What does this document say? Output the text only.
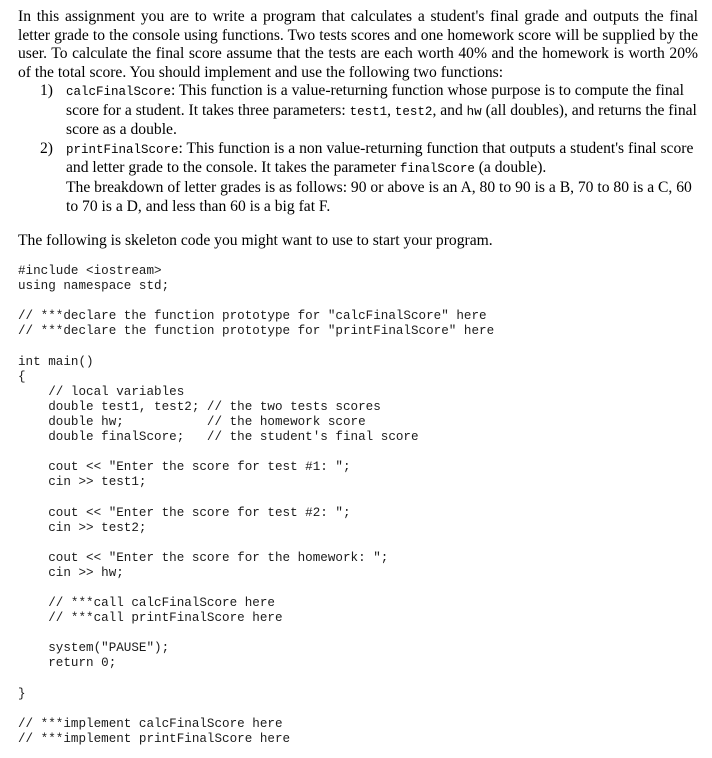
In this assignment you are to write a program that calculates a student's final grade and outputs the final letter grade to the console using functions. Two tests scores and one homework score will be supplied by the user. To calculate the final score assume that the tests are each worth 40% and the homework is worth 20% of the total score. You should implement and use the following two functions:

1) calcFinalScore: This function is a value-returning function whose purpose is to compute the final score for a student. It takes three parameters: test1, test2, and hw (all doubles), and returns the final score as a double.
2) printFinalScore: This function is a non value-returning function that outputs a student's final score and letter grade to the console. It takes the parameter finalScore (a double).
The breakdown of letter grades is as follows: 90 or above is an A, 80 to 90 is a B, 70 to 80 is a C, 60 to 70 is a D, and less than 60 is a big fat F.

The following is skeleton code you might want to use to start your program.

#include <iostream>
using namespace std;
// ***declare the function prototype for "calcFinalScore" here
// ***declare the function prototype for "printFinalScore" here
int main()
{
// local variables
double test1, test2; // the two tests scores
double hw;           // the homework score
double finalScore;   // the student's final score
cout << "Enter the score for test #1: ";
cin >> test1;
cout << "Enter the score for test #2: ";
cin >> test2;
cout << "Enter the score for the homework: ";
cin >> hw;
// ***call calcFinalScore here
// ***call printFinalScore here
system("PAUSE");
return 0;
}
// ***implement calcFinalScore here
// ***implement printFinalScore here
